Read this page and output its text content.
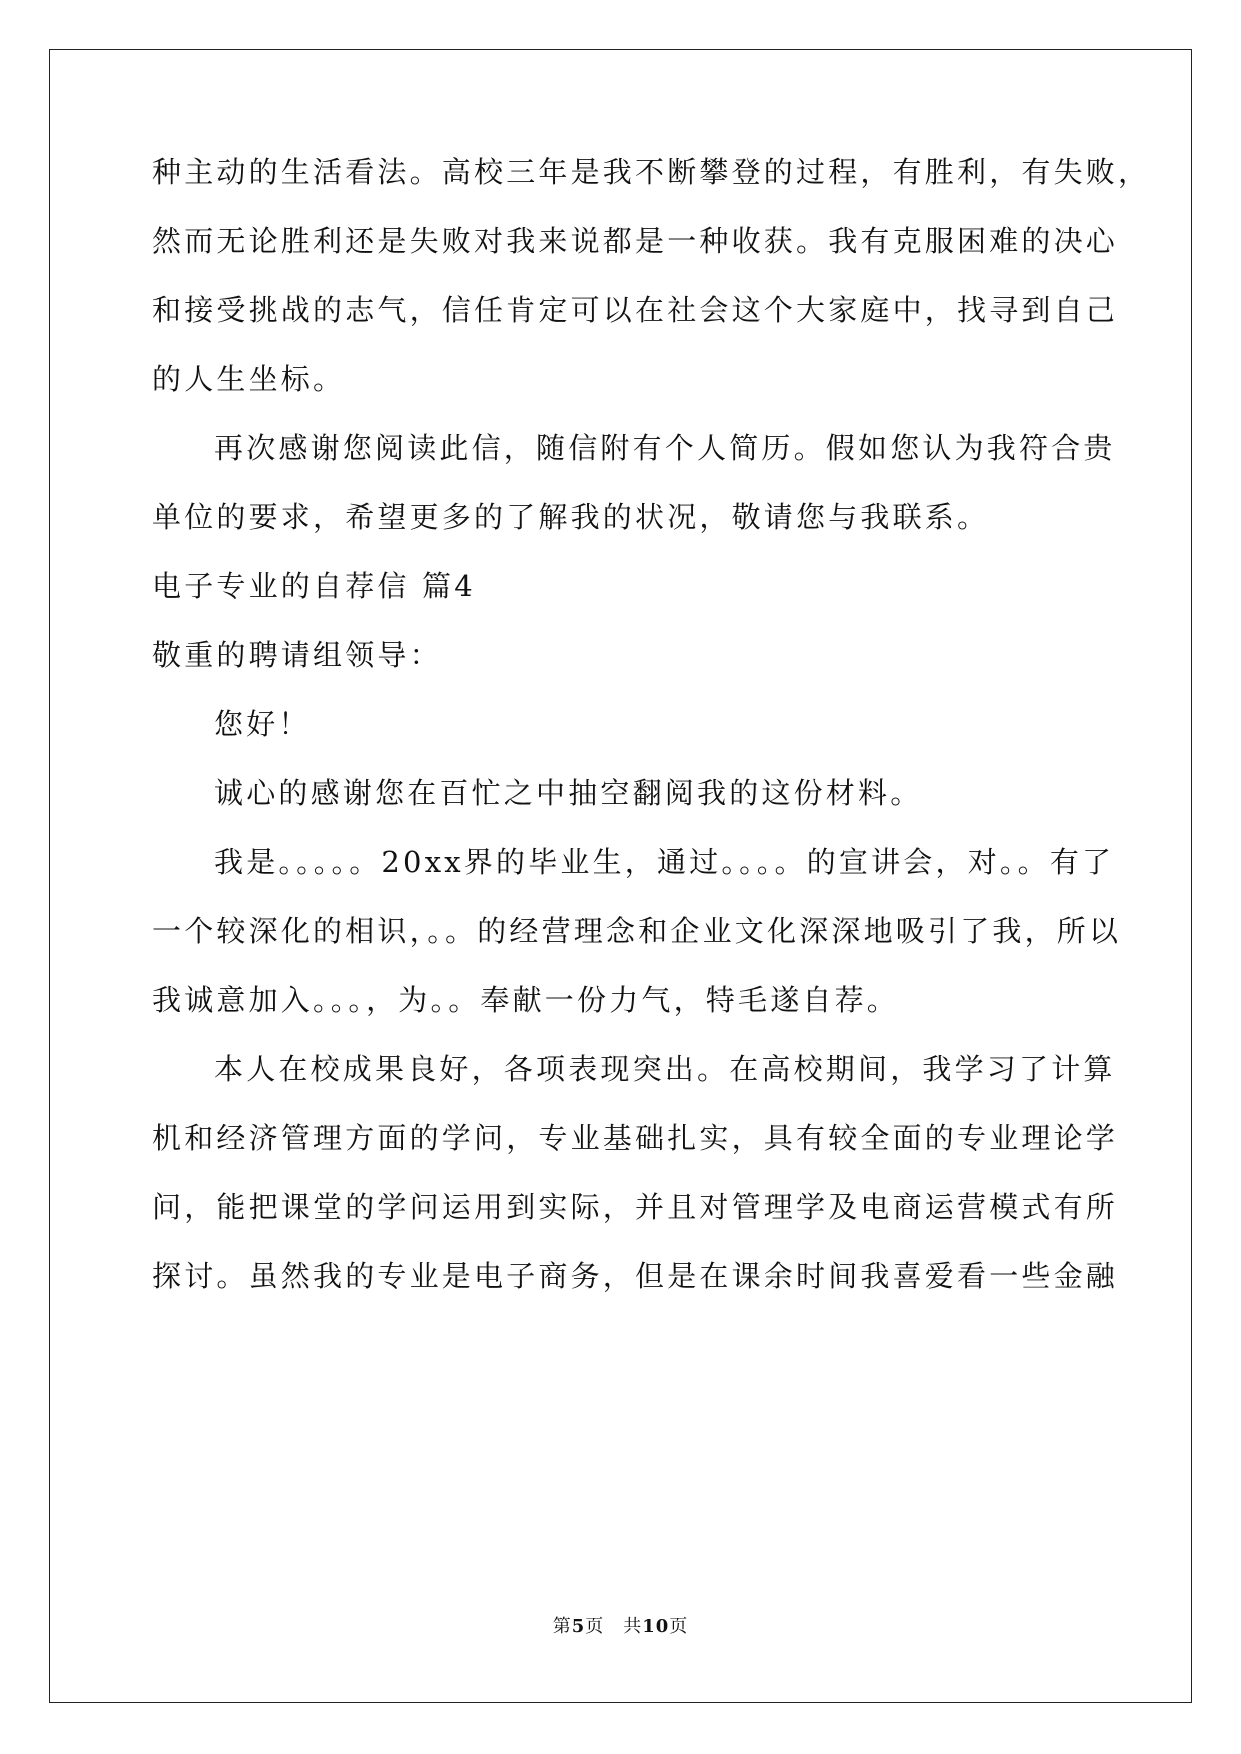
种主动的生活看法。高校三年是我不断攀登的过程，有胜利，有失败，
然而无论胜利还是失败对我来说都是一种收获。我有克服困难的决心
和接受挑战的志气，信任肯定可以在社会这个大家庭中，找寻到自己
的人生坐标。
再次感谢您阅读此信，随信附有个人简历。假如您认为我符合贵
单位的要求，希望更多的了解我的状况，敬请您与我联系。
电子专业的自荐信 篇4
敬重的聘请组领导：
您好！
诚心的感谢您在百忙之中抽空翻阅我的这份材料。
我是。。。。。20xx界的毕业生，通过。。。。的宣讲会，对。。有了
一个较深化的相识，。。的经营理念和企业文化深深地吸引了我，所以
我诚意加入。。。，为。。奉献一份力气，特毛遂自荐。
本人在校成果良好，各项表现突出。在高校期间，我学习了计算
机和经济管理方面的学问，专业基础扎实，具有较全面的专业理论学
问，能把课堂的学问运用到实际，并且对管理学及电商运营模式有所
探讨。虽然我的专业是电子商务，但是在课余时间我喜爱看一些金融
第5页　共10页
